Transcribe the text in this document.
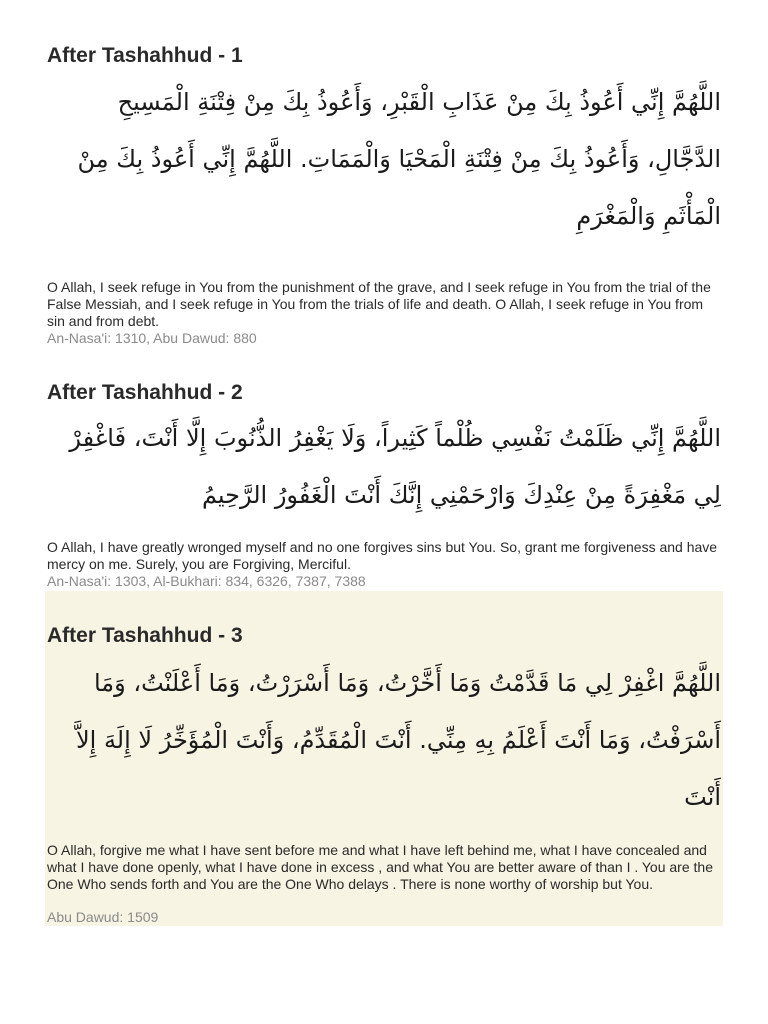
After Tashahhud - 1

اللَّهُمَّ إِنِّي أَعُوذُ بِكَ مِنْ عَذَابِ الْقَبْرِ، وَأَعُوذُ بِكَ مِنْ فِتْنَةِ الْمَسِيحِ الدَّجَّالِ، وَأَعُوذُ بِكَ مِنْ فِتْنَةِ الْمَحْيَا وَالْمَمَاتِ. اللَّهُمَّ إِنِّي أَعُوذُ بِكَ مِنْ الْمَأْثَمِ وَالْمَغْرَمِ

O Allah, I seek refuge in You from the punishment of the grave, and I seek refuge in You from the trial of the False Messiah, and I seek refuge in You from the trials of life and death. O Allah, I seek refuge in You from sin and from debt.

An-Nasa'i: 1310, Abu Dawud: 880

After Tashahhud - 2

اللَّهُمَّ إِنِّي ظَلَمْتُ نَفْسِي ظُلْماً كَثِيراً، وَلَا يَغْفِرُ الذُّنُوبَ إِلَّا أَنْتَ، فَاغْفِرْ لِي مَغْفِرَةً مِنْ عِنْدِكَ وَارْحَمْنِي إِنَّكَ أَنْتَ الْغَفُورُ الرَّحِيمُ

O Allah, I have greatly wronged myself and no one forgives sins but You. So, grant me forgiveness and have mercy on me. Surely, you are Forgiving, Merciful.

An-Nasa'i: 1303, Al-Bukhari: 834, 6326, 7387, 7388

After Tashahhud - 3

اللَّهُمَّ اغْفِرْ لِي مَا قَدَّمْتُ وَمَا أَخَّرْتُ، وَمَا أَسْرَرْتُ، وَمَا أَعْلَنْتُ، وَمَا أَسْرَفْتُ، وَمَا أَنْتَ أَعْلَمُ بِهِ مِنِّي. أَنْتَ الْمُقَدِّمُ، وَأَنْتَ الْمُؤَخِّرُ لَا إِلَهَ إِلاَّ أَنْتَ

O Allah, forgive me what I have sent before me and what I have left behind me, what I have concealed and what I have done openly, what I have done in excess , and what You are better aware of than I . You are the One Who sends forth and You are the One Who delays . There is none worthy of worship but You.

Abu Dawud: 1509
